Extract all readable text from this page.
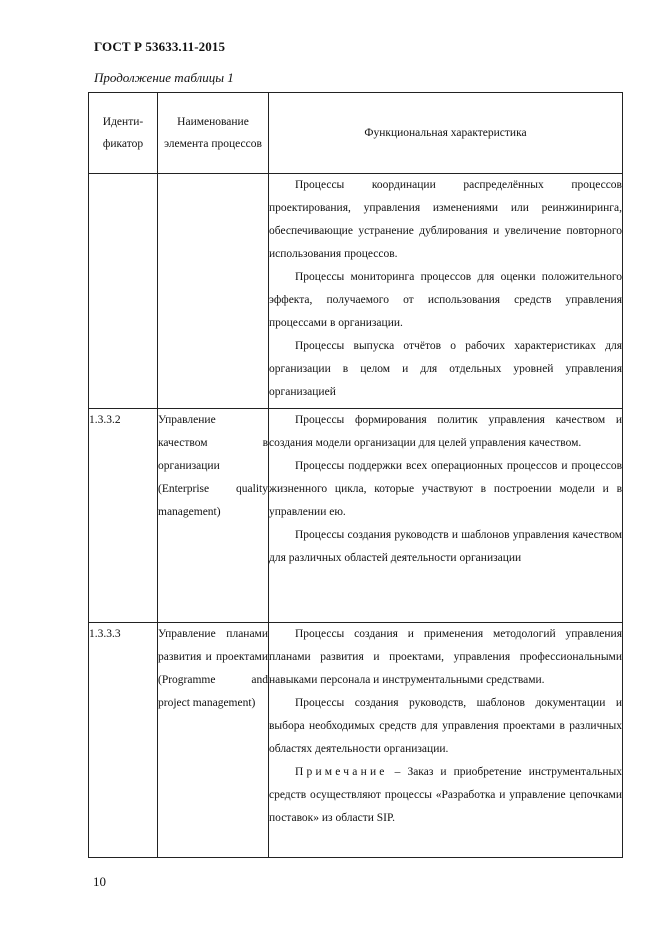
ГОСТ Р 53633.11-2015
Продолжение таблицы 1
Иденти-фикатор	Наименование элемента процессов	Функциональная характеристика

		Процессы координации распределённых процессов проектирования, управления изменениями или реинжиниринга, обеспечивающие устранение дублирования и увеличение повторного использования процессов.

Процессы мониторинга процессов для оценки положительного эффекта, получаемого от использования средств управления процессами в организации.

Процессы выпуска отчётов о рабочих характеристиках для организации в целом и для отдельных уровней управления организацией

1.3.3.2	Управление качеством в организации (Enterprise quality management)	Процессы формирования политик управления качеством и создания модели организации для целей управления качеством.

Процессы поддержки всех операционных процессов и процессов жизненного цикла, которые участвуют в построении модели и в управлении ею.

Процессы создания руководств и шаблонов управления качеством для различных областей деятельности организации

1.3.3.3	Управление планами развития и проектами (Programme and project management)	Процессы создания и применения методологий управления планами развития и проектами, управления профессиональными навыками персонала и инструментальными средствами.

Процессы создания руководств, шаблонов документации и выбора необходимых средств для управления проектами в различных областях деятельности организации.

Примечание – Заказ и приобретение инструментальных средств осуществляют процессы «Разработка и управление цепочками поставок» из области SIP.

10
